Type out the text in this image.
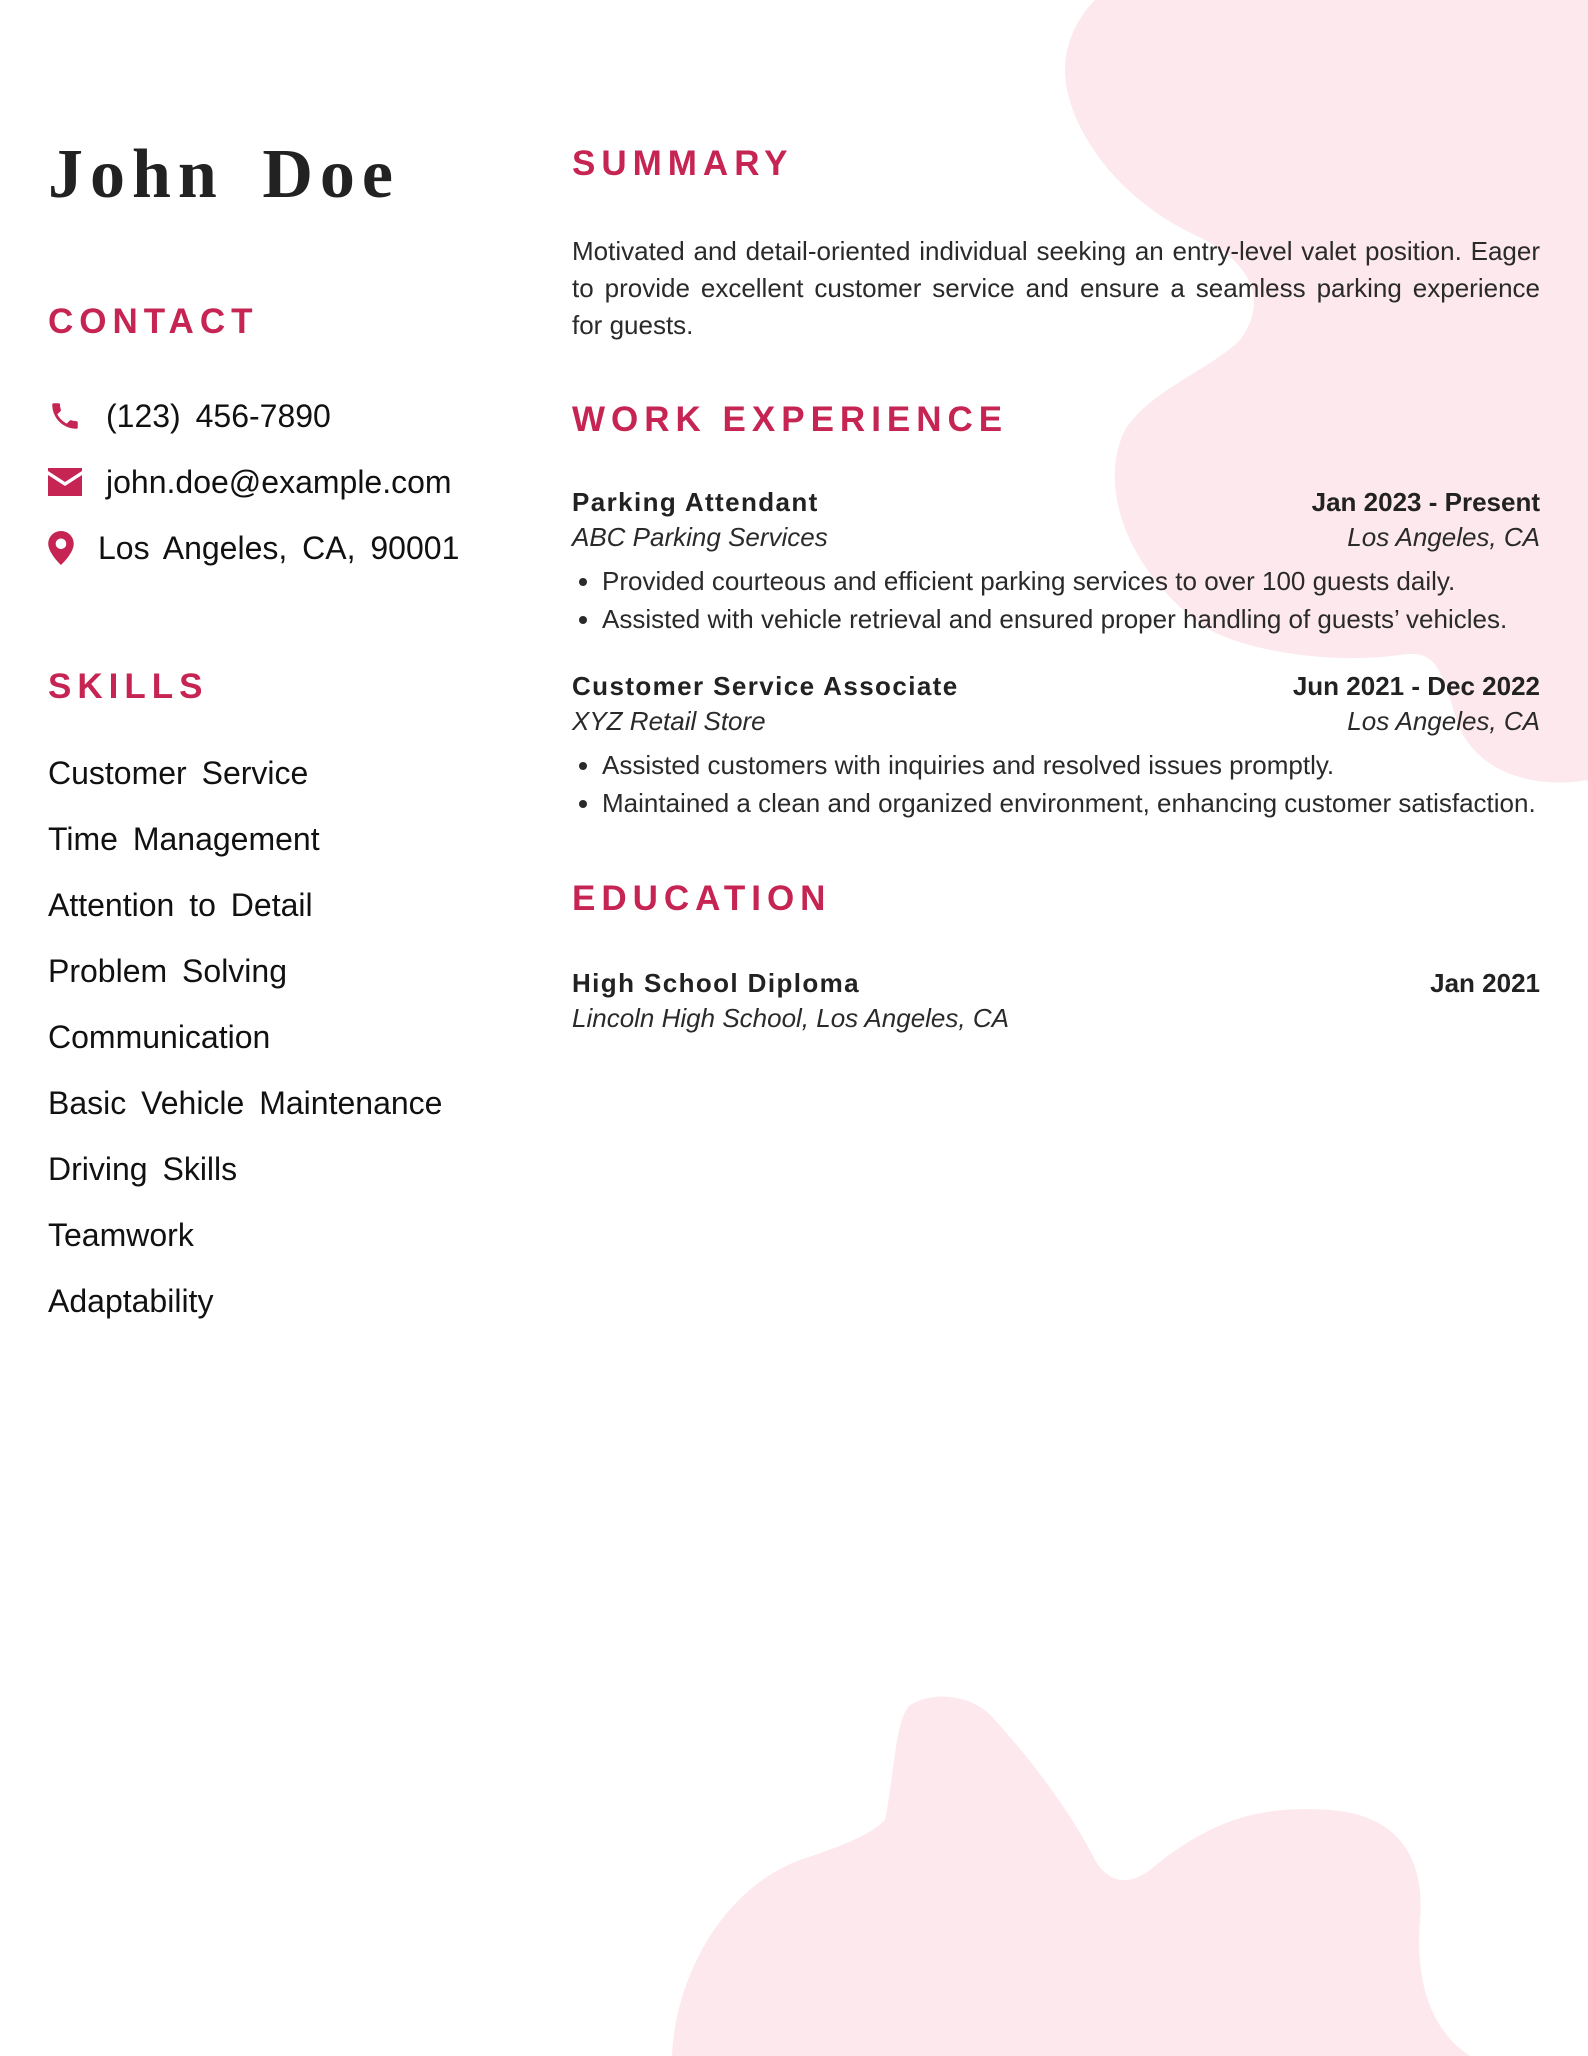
John Doe
CONTACT
(123) 456-7890
john.doe@example.com
Los Angeles, CA, 90001
SKILLS
Customer Service
Time Management
Attention to Detail
Problem Solving
Communication
Basic Vehicle Maintenance
Driving Skills
Teamwork
Adaptability
SUMMARY

Motivated and detail-oriented individual seeking an entry-level valet position. Eager to provide excellent customer service and ensure a seamless parking experience for guests.

WORK EXPERIENCE
Parking Attendant	Jan 2023 - Present
ABC Parking Services	Los Angeles, CA
• Provided courteous and efficient parking services to over 100 guests daily.
• Assisted with vehicle retrieval and ensured proper handling of guests’ vehicles.
Customer Service Associate	Jun 2021 - Dec 2022
XYZ Retail Store	Los Angeles, CA
• Assisted customers with inquiries and resolved issues promptly.
• Maintained a clean and organized environment, enhancing customer satisfaction.
EDUCATION
High School Diploma	Jan 2021
Lincoln High School, Los Angeles, CA
